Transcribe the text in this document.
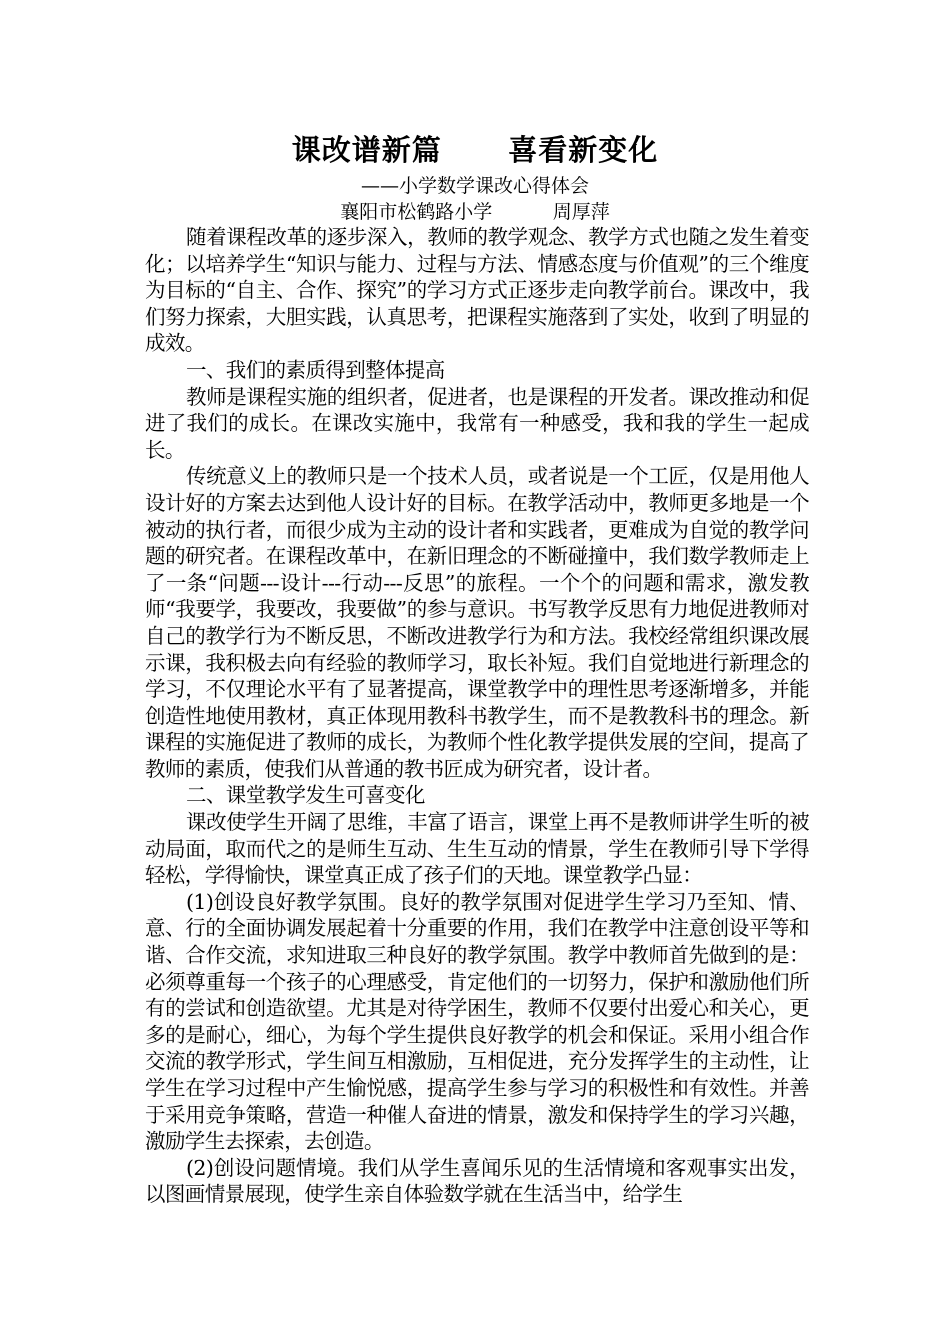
课改谱新篇      喜看新变化
——小学数学课改心得体会
襄阳市松鹤路小学          周厚萍

随着课程改革的逐步深入，教师的教学观念、教学方式也随之发生着变化；以培养学生“知识与能力、过程与方法、情感态度与价值观”的三个维度为目标的“自主、合作、探究”的学习方式正逐步走向教学前台。课改中，我们努力探索，大胆实践，认真思考，把课程实施落到了实处，收到了明显的成效。

一、我们的素质得到整体提高

教师是课程实施的组织者，促进者，也是课程的开发者。课改推动和促进了我们的成长。在课改实施中，我常有一种感受，我和我的学生一起成长。

传统意义上的教师只是一个技术人员，或者说是一个工匠，仅是用他人设计好的方案去达到他人设计好的目标。在教学活动中，教师更多地是一个被动的执行者，而很少成为主动的设计者和实践者，更难成为自觉的教学问题的研究者。在课程改革中，在新旧理念的不断碰撞中，我们数学教师走上了一条“问题---设计---行动---反思”的旅程。一个个的问题和需求，激发教师“我要学，我要改，我要做”的参与意识。书写教学反思有力地促进教师对自己的教学行为不断反思，不断改进教学行为和方法。我校经常组织课改展示课，我积极去向有经验的教师学习，取长补短。我们自觉地进行新理念的学习，不仅理论水平有了显著提高，课堂教学中的理性思考逐渐增多，并能创造性地使用教材，真正体现用教科书教学生，而不是教教科书的理念。新课程的实施促进了教师的成长，为教师个性化教学提供发展的空间，提高了教师的素质，使我们从普通的教书匠成为研究者，设计者。

二、课堂教学发生可喜变化

课改使学生开阔了思维，丰富了语言，课堂上再不是教师讲学生听的被动局面，取而代之的是师生互动、生生互动的情景，学生在教师引导下学得轻松，学得愉快，课堂真正成了孩子们的天地。课堂教学凸显：

(1)创设良好教学氛围。良好的教学氛围对促进学生学习乃至知、情、意、行的全面协调发展起着十分重要的作用，我们在教学中注意创设平等和谐、合作交流，求知进取三种良好的教学氛围。教学中教师首先做到的是：必须尊重每一个孩子的心理感受，肯定他们的一切努力，保护和激励他们所有的尝试和创造欲望。尤其是对待学困生，教师不仅要付出爱心和关心，更多的是耐心，细心，为每个学生提供良好教学的机会和保证。采用小组合作交流的教学形式，学生间互相激励，互相促进，充分发挥学生的主动性，让学生在学习过程中产生愉悦感，提高学生参与学习的积极性和有效性。并善于采用竞争策略，营造一种催人奋进的情景，激发和保持学生的学习兴趣，激励学生去探索，去创造。

(2)创设问题情境。我们从学生喜闻乐见的生活情境和客观事实出发，以图画情景展现，使学生亲自体验数学就在生活当中，给学生
